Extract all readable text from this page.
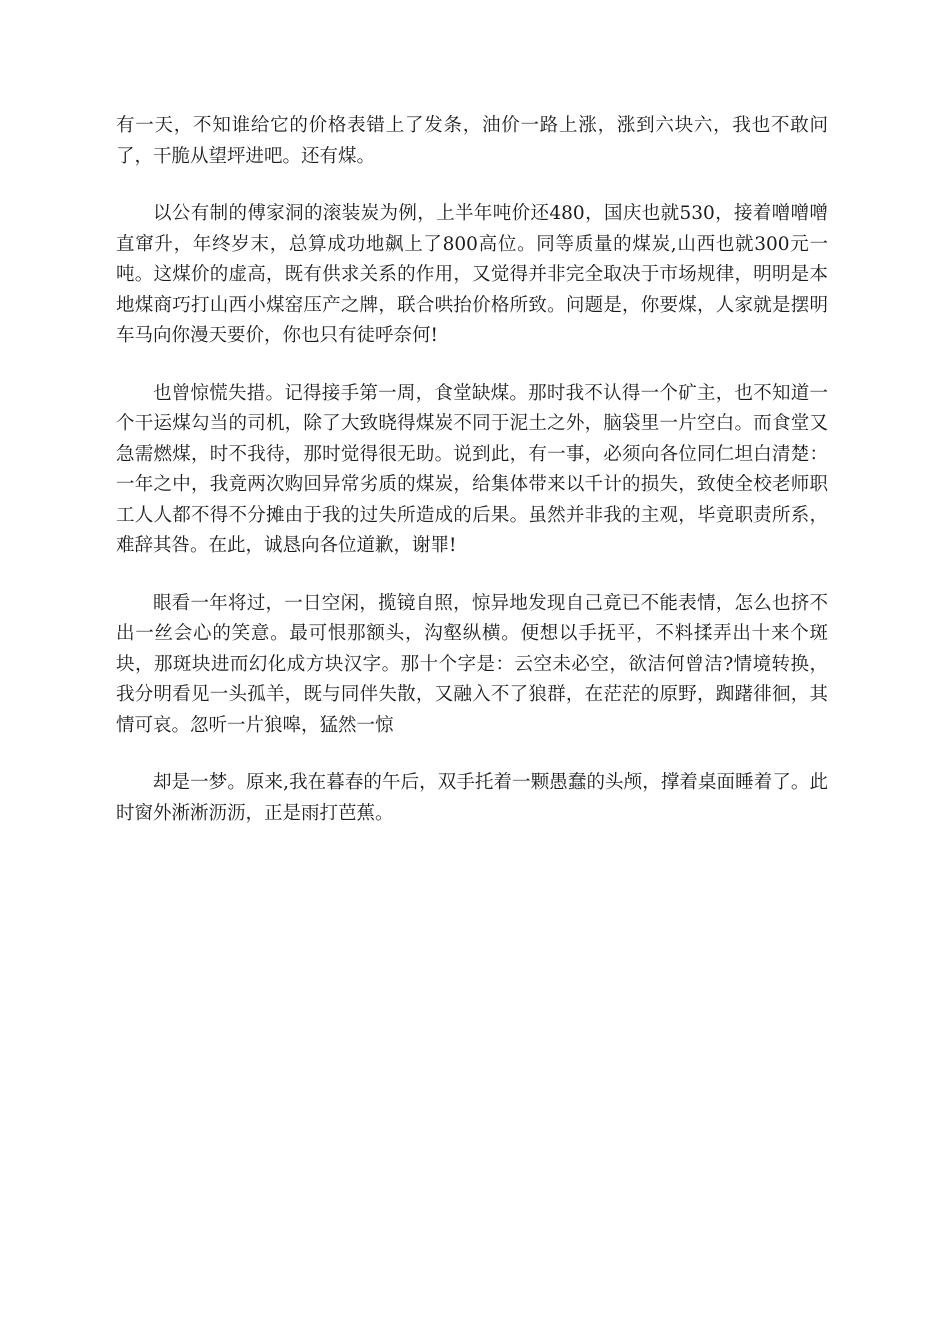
有一天，不知谁给它的价格表错上了发条，油价一路上涨，涨到六块六，我也不敢问了，干脆从望坪进吧。还有煤。

以公有制的傅家洞的滚装炭为例，上半年吨价还480，国庆也就530，接着噌噌噌直窜升，年终岁末，总算成功地飙上了800高位。同等质量的煤炭,山西也就300元一吨。这煤价的虚高，既有供求关系的作用，又觉得并非完全取决于市场规律，明明是本地煤商巧打山西小煤窑压产之牌，联合哄抬价格所致。问题是，你要煤，人家就是摆明车马向你漫天要价，你也只有徒呼奈何!

也曾惊慌失措。记得接手第一周，食堂缺煤。那时我不认得一个矿主，也不知道一个干运煤勾当的司机，除了大致晓得煤炭不同于泥土之外，脑袋里一片空白。而食堂又急需燃煤，时不我待，那时觉得很无助。说到此，有一事，必须向各位同仁坦白清楚：一年之中，我竟两次购回异常劣质的煤炭，给集体带来以千计的损失，致使全校老师职工人人都不得不分摊由于我的过失所造成的后果。虽然并非我的主观，毕竟职责所系，难辞其咎。在此，诚恳向各位道歉，谢罪!

眼看一年将过，一日空闲，揽镜自照，惊异地发现自己竟已不能表情，怎么也挤不出一丝会心的笑意。最可恨那额头，沟壑纵横。便想以手抚平，不料揉弄出十来个斑块，那斑块进而幻化成方块汉字。那十个字是：云空未必空，欲洁何曾洁?情境转换，我分明看见一头孤羊，既与同伴失散，又融入不了狼群，在茫茫的原野，踟躇徘徊，其情可哀。忽听一片狼嗥，猛然一惊

却是一梦。原来,我在暮春的午后，双手托着一颗愚蠢的头颅，撑着桌面睡着了。此时窗外淅淅沥沥，正是雨打芭蕉。
